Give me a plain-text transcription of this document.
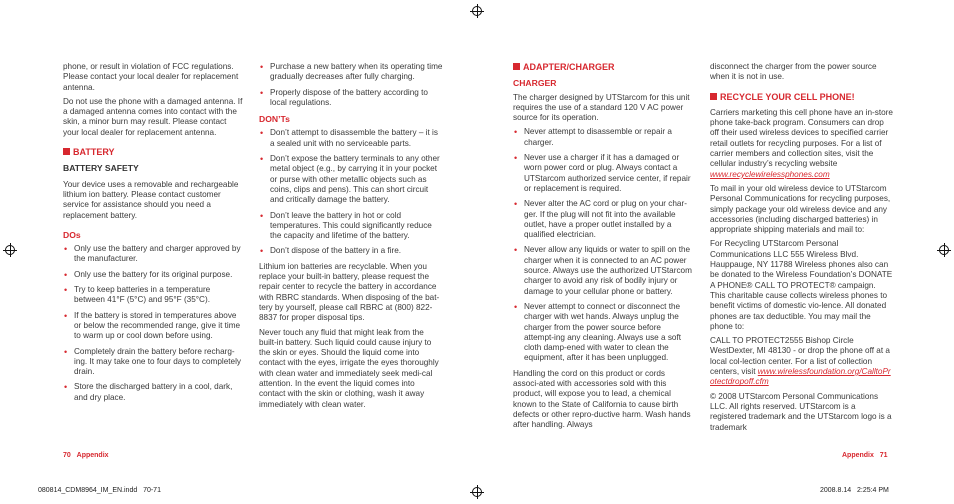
phone, or result in violation of FCC regulations. Please contact your local dealer for replacement antenna.

Do not use the phone with a damaged antenna. If a damaged antenna comes into contact with the skin, a minor burn may result. Please contact your local dealer for replacement antenna.

BATTERY
BATTERY SAFETY

Your device uses a removable and rechargeable lithium ion battery. Please contact customer service for assistance should you need a replacement battery.

DOs
• Only use the battery and charger approved by the manufacturer.
• Only use the battery for its original purpose.
• Try to keep batteries in a temperature between 41°F (5°C) and 95°F (35°C).
• If the battery is stored in temperatures above or below the recommended range, give it time to warm up or cool down before using.
• Completely drain the battery before recharg-ing. It may take one to four days to completely drain.
• Store the discharged battery in a cool, dark, and dry place.
• Purchase a new battery when its operating time gradually decreases after fully charging.
• Properly dispose of the battery according to local regulations.
DON’Ts
• Don’t attempt to disassemble the battery – it is a sealed unit with no serviceable parts.
• Don’t expose the battery terminals to any other metal object (e.g., by carrying it in your pocket or purse with other metallic objects such as coins, clips and pens). This can short circuit and critically damage the battery.
• Don’t leave the battery in hot or cold temperatures. This could significantly reduce the capacity and lifetime of the battery.
• Don’t dispose of the battery in a fire.

Lithium ion batteries are recyclable. When you replace your built-in battery, please request the repair center to recycle the battery in accordance with RBRC standards. When disposing of the bat-tery by yourself, please call RBRC at (800) 822-8837 for proper disposal tips.

Never touch any fluid that might leak from the built-in battery. Such liquid could cause injury to the skin or eyes. Should the liquid come into contact with the eyes, irrigate the eyes thoroughly with clean water and immediately seek medi-cal attention. In the event the liquid comes into contact with the skin or clothing, wash it away immediately with clean water.

ADAPTER/CHARGER
CHARGER

The charger designed by UTStarcom for this unit requires the use of a standard 120 V AC power source for its operation.

• Never attempt to disassemble or repair a charger.
• Never use a charger if it has a damaged or worn power cord or plug. Always contact a UTStarcom authorized service center, if repair or replacement is required.
• Never alter the AC cord or plug on your char-ger. If the plug will not fit into the available outlet, have a proper outlet installed by a qualified electrician.
• Never allow any liquids or water to spill on the charger when it is connected to an AC power source. Always use the authorized UTStarcom charger to avoid any risk of bodily injury or damage to your cellular phone or battery.
• Never attempt to connect or disconnect the charger with wet hands. Always unplug the charger from the power source before attempt-ing any cleaning. Always use a soft cloth damp-ened with water to clean the equipment, after it has been unplugged.

Handling the cord on this product or cords associ-ated with accessories sold with this product, will expose you to lead, a chemical known to the State of California to cause birth defects or other repro-ductive harm. Wash hands after handling. Always

disconnect the charger from the power source when it is not in use.

RECYCLE YOUR CELL PHONE!

Carriers marketing this cell phone have an in-store phone take-back program. Consumers can drop off their used wireless devices to specified carrier retail outlets for recycling purposes. For a list of carrier members and collection sites, visit the cellular industry’s recycling website
www.recyclewirelessphones.com

To mail in your old wireless device to UTStarcom Personal Communications for recycling purposes, simply package your old wireless device and any accessories (including discharged batteries) in appropriate shipping materials and mail to:

For Recycling UTStarcom Personal Communications LLC 555 Wireless Blvd. Hauppauge, NY 11788 Wireless phones also can be donated to the Wireless Foundation’s DONATE A PHONE® CALL TO PROTECT® campaign. This charitable cause collects wireless phones to benefit victims of domestic vio-lence. All donated phones are tax deductible. You may mail the phone to:

CALL TO PROTECT2555 Bishop Circle WestDexter, MI 48130 - or drop the phone off at a local col-lection center. For a list of collection centers, visit www.wirelessfoundation.org/CalltoProtectdropoff.cfm

© 2008 UTStarcom Personal Communications LLC. All rights reserved. UTStarcom is a registered trademark and the UTStarcom logo is a trademark

70 Appendix	Appendix 71
080814_CDM8964_IM_EN.indd   70-71	2008.8.14   2:25:4 PM
